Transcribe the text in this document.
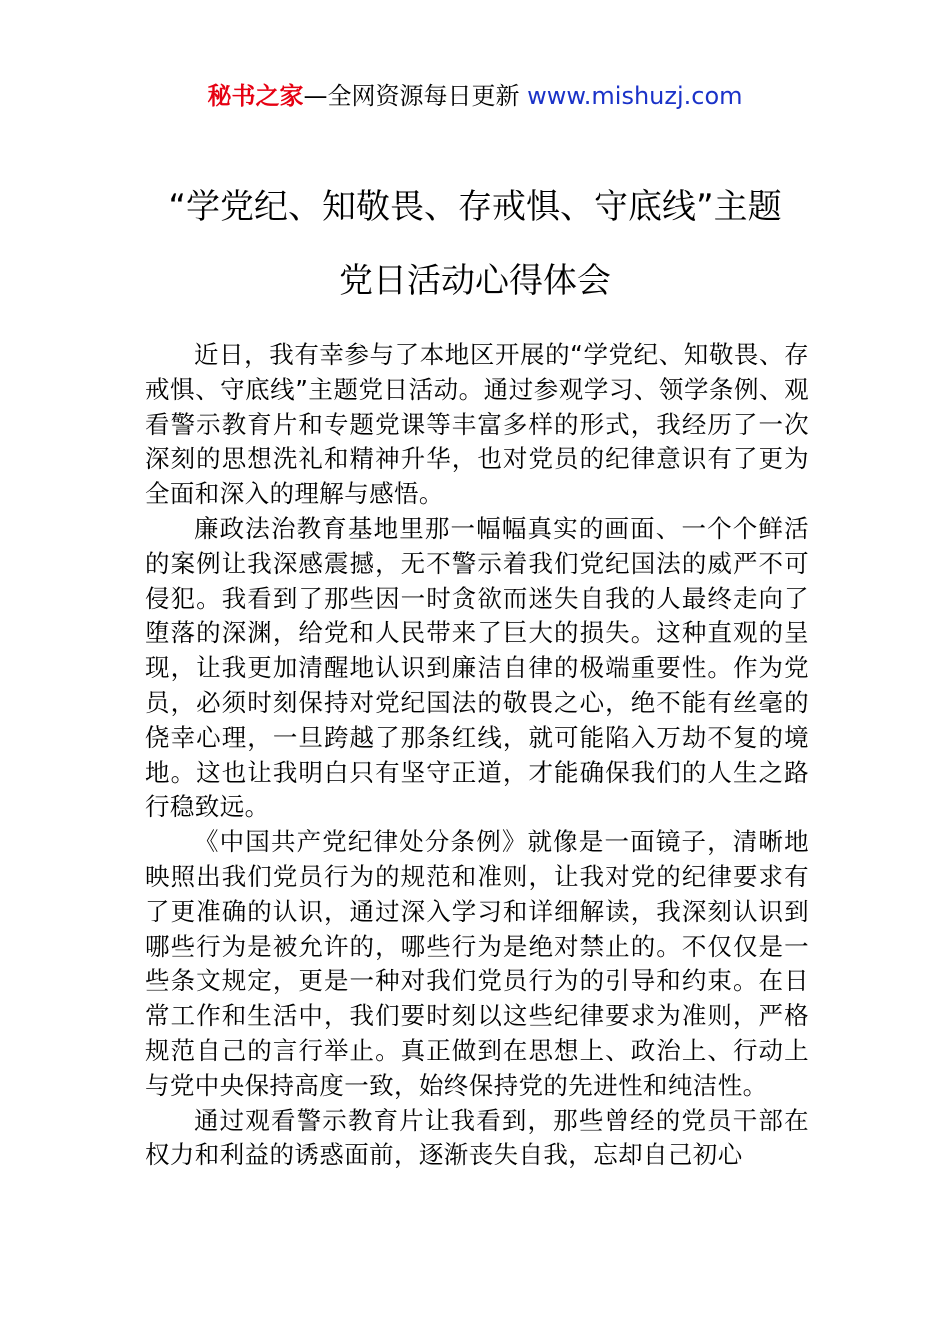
秘书之家—全网资源每日更新 www.mishuzj.com
“学党纪、知敬畏、存戒惧、守底线”主题
党日活动心得体会

近日，我有幸参与了本地区开展的“学党纪、知敬畏、存戒惧、守底线”主题党日活动。通过参观学习、领学条例、观看警示教育片和专题党课等丰富多样的形式，我经历了一次深刻的思想洗礼和精神升华，也对党员的纪律意识有了更为全面和深入的理解与感悟。

廉政法治教育基地里那一幅幅真实的画面、一个个鲜活的案例让我深感震撼，无不警示着我们党纪国法的威严不可侵犯。我看到了那些因一时贪欲而迷失自我的人最终走向了堕落的深渊，给党和人民带来了巨大的损失。这种直观的呈现，让我更加清醒地认识到廉洁自律的极端重要性。作为党员，必须时刻保持对党纪国法的敬畏之心，绝不能有丝毫的侥幸心理，一旦跨越了那条红线，就可能陷入万劫不复的境地。这也让我明白只有坚守正道，才能确保我们的人生之路行稳致远。

《中国共产党纪律处分条例》就像是一面镜子，清晰地映照出我们党员行为的规范和准则，让我对党的纪律要求有了更准确的认识，通过深入学习和详细解读，我深刻认识到哪些行为是被允许的，哪些行为是绝对禁止的。不仅仅是一些条文规定，更是一种对我们党员行为的引导和约束。在日常工作和生活中，我们要时刻以这些纪律要求为准则，严格规范自己的言行举止。真正做到在思想上、政治上、行动上与党中央保持高度一致，始终保持党的先进性和纯洁性。

通过观看警示教育片让我看到，那些曾经的党员干部在权力和利益的诱惑面前，逐渐丧失自我，忘却自己初心
